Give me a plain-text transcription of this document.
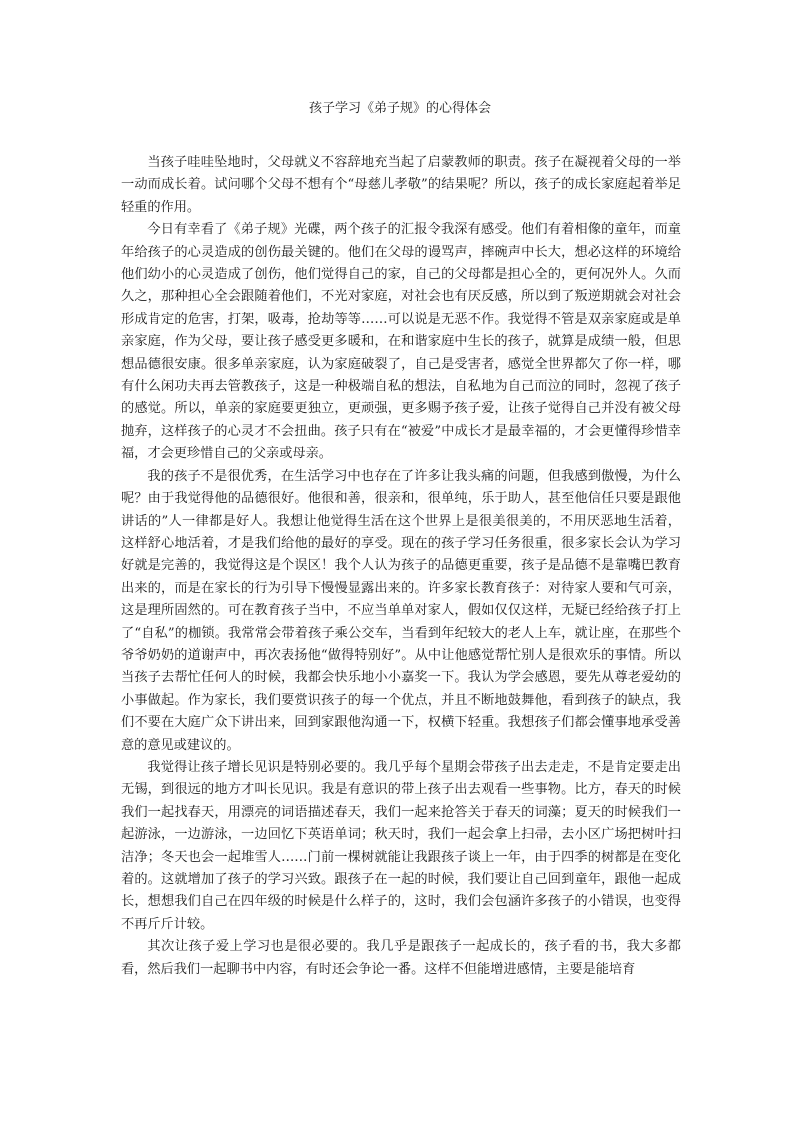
孩子学习《弟子规》的心得体会

当孩子哇哇坠地时，父母就义不容辞地充当起了启蒙教师的职责。孩子在凝视着父母的一举一动而成长着。试问哪个父母不想有个“母慈儿孝敬”的结果呢？所以，孩子的成长家庭起着举足轻重的作用。

今日有幸看了《弟子规》光碟，两个孩子的汇报令我深有感受。他们有着相像的童年，而童年给孩子的心灵造成的创伤最关键的。他们在父母的谩骂声，摔碗声中长大，想必这样的环境给他们幼小的心灵造成了创伤，他们觉得自己的家，自己的父母都是担心全的，更何况外人。久而久之，那种担心全会跟随着他们，不光对家庭，对社会也有厌反感，所以到了叛逆期就会对社会形成肯定的危害，打架，吸毒，抢劫等等……可以说是无恶不作。我觉得不管是双亲家庭或是单亲家庭，作为父母，要让孩子感受更多暖和，在和谐家庭中生长的孩子，就算是成绩一般，但思想品德很安康。很多单亲家庭，认为家庭破裂了，自己是受害者，感觉全世界都欠了你一样，哪有什么闲功夫再去管教孩子，这是一种极端自私的想法，自私地为自己而泣的同时，忽视了孩子的感觉。所以，单亲的家庭要更独立，更顽强，更多赐予孩子爱，让孩子觉得自己并没有被父母抛弃，这样孩子的心灵才不会扭曲。孩子只有在“被爱”中成长才是最幸福的，才会更懂得珍惜幸福，才会更珍惜自己的父亲或母亲。

我的孩子不是很优秀，在生活学习中也存在了许多让我头痛的问题，但我感到傲慢，为什么呢？由于我觉得他的品德很好。他很和善，很亲和，很单纯，乐于助人，甚至他信任只要是跟他讲话的”人一律都是好人。我想让他觉得生活在这个世界上是很美很美的，不用厌恶地生活着，这样舒心地活着，才是我们给他的最好的享受。现在的孩子学习任务很重，很多家长会认为学习好就是完善的，我觉得这是个误区！我个人认为孩子的品德更重要，孩子是品德不是靠嘴巴教育出来的，而是在家长的行为引导下慢慢显露出来的。许多家长教育孩子：对待家人要和气可亲，这是理所固然的。可在教育孩子当中，不应当单单对家人，假如仅仅这样，无疑已经给孩子打上了“自私”的枷锁。我常常会带着孩子乘公交车，当看到年纪较大的老人上车，就让座，在那些个爷爷奶奶的道谢声中，再次表扬他“做得特别好”。从中让他感觉帮忙别人是很欢乐的事情。所以当孩子去帮忙任何人的时候，我都会快乐地小小嘉奖一下。我认为学会感恩，要先从尊老爱幼的小事做起。作为家长，我们要赏识孩子的每一个优点，并且不断地鼓舞他，看到孩子的缺点，我们不要在大庭广众下讲出来，回到家跟他沟通一下，权横下轻重。我想孩子们都会懂事地承受善意的意见或建议的。

我觉得让孩子增长见识是特别必要的。我几乎每个星期会带孩子出去走走，不是肯定要走出无锡，到很远的地方才叫长见识。我是有意识的带上孩子出去观看一些事物。比方，春天的时候我们一起找春天，用漂亮的词语描述春天，我们一起来抢答关于春天的词藻；夏天的时候我们一起游泳，一边游泳，一边回忆下英语单词；秋天时，我们一起会拿上扫帚，去小区广场把树叶扫洁净；冬天也会一起堆雪人……门前一棵树就能让我跟孩子谈上一年，由于四季的树都是在变化着的。这就增加了孩子的学习兴致。跟孩子在一起的时候，我们要让自己回到童年，跟他一起成长，想想我们自己在四年级的时候是什么样子的，这时，我们会包涵许多孩子的小错误，也变得不再斤斤计较。

其次让孩子爱上学习也是很必要的。我几乎是跟孩子一起成长的，孩子看的书，我大多都看，然后我们一起聊书中内容，有时还会争论一番。这样不但能增进感情，主要是能培育
